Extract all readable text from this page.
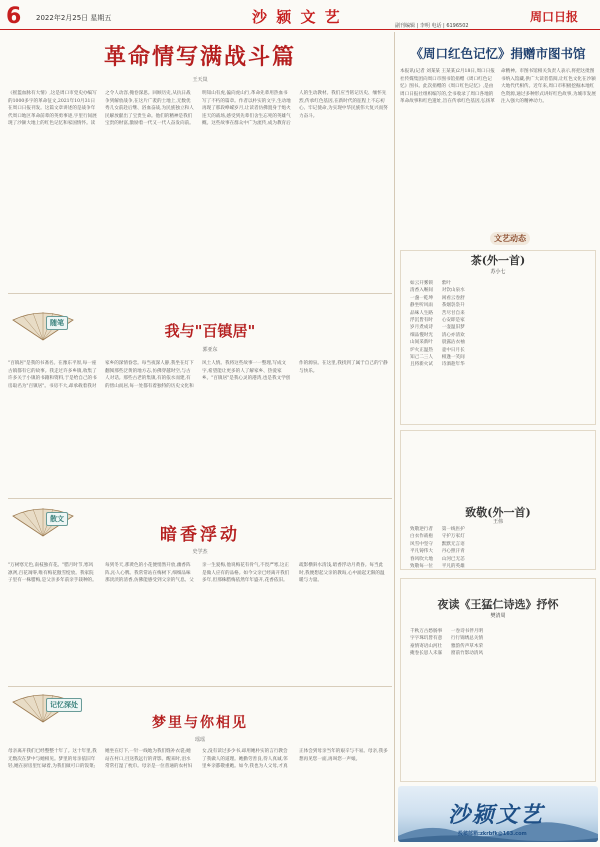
6 2022年2月25日 星期五	沙 颍 文 艺	周口日报
副刊编辑 | 李明 电话 | 6196502
革命情写满战斗篇
王天岚
《摇篮血脉有大情》,这是周口市党史办编写的1000多字的革命征文,2021年10月31日在周口日报刊发。这篇文章讲述的是战争年代周口地区革命前辈的英勇事迹,字里行间展现了沙颍大地上的红色记忆和家国情怀。读之令人动容,掩卷深思。回顾历史,从抗日战争到解放战争,在这片广袤的土地上,无数优秀儿女前赴后继、浴血奋战,为民族独立和人民解放献出了宝贵生命。他们的精神是我们宝贵的财富,激励着一代又一代人奋发向前。明知山有虎,偏向虎山行,革命先辈用热血书写了不朽的篇章。作者以朴实的文字,生动地再现了那段峥嵘岁月,让读者仿佛置身于炮火连天的战场,感受到先辈们舍生忘死的英雄气概。这些故事在群众中广为流传,成为教育后人的生动教材。我们应当铭记历史、缅怀先烈,传承红色基因,在新时代的征程上不忘初心、牢记使命,为实现中华民族伟大复兴而努力奋斗。
随笔	我与"百镇居"
郭亚东
"百镇居"是我的书斋名。在豫东平原,每一座古镇都有它的故事。我走过许多乡镇,收集了许多关于小镇的书籍和资料,于是给自己的书房取名为"百镇居"。书房不大,却承载着我对家乡的深情眷恋。每当夜深人静,我坐在灯下翻阅那些泛黄的地方志,仿佛穿越时空,与古人对话。那些古老的集镇,有的依水而建,有的傍山而居,每一处都有着独特的历史文化和风土人情。我将这些故事一一整理,写成文字,希望能让更多的人了解家乡、热爱家乡。"百镇居"是我心灵的港湾,也是我文学创作的源泉。在这里,我找到了属于自己的宁静与快乐。
散文
暗香浮动
史学杰
"万树寒无色,南枝独有花。"腊月时节,寒风凛冽,百花凋零,唯有梅花傲雪绽放。我家院子里有一株腊梅,是父亲多年前亲手栽种的。每到冬天,那黄色的小花便悄然开放,幽香阵阵,沁人心脾。我常常站在梅树下,细细品味那淡淡的清香,仿佛能感受到父亲的气息。父亲一生爱梅,他说梅花有骨气,不畏严寒,这正是做人应有的品格。如今父亲已经离开我们多年,但那株腊梅依然年年盛开,花香依旧。疏影横斜水清浅,暗香浮动月黄昏。每当此时,我便想起父亲的教诲,心中涌起无限的温暖与力量。
记忆深处
梦里与你相见
瑶瑶
母亲离开我们已经整整十年了。这十年里,我无数次在梦中与她相见。梦里的母亲依旧年轻,她在厨房里忙碌着,为我们做可口的饭菜;她坐在灯下,一针一线地为我们缝补衣裳;她站在村口,目送我远行的背影。醒来时,泪水常常打湿了枕巾。母亲是一位普通的农村妇女,没有读过多少书,却用她朴实的言行教会了我做人的道理。她勤劳善良,待人真诚,邻里乡亲都敬重她。如今,我也为人父母,才真正体会到母亲当年的艰辛与不易。母亲,我多想再见您一面,再叫您一声娘。
《周口红色记忆》捐赠市图书馆
本报讯(记者 刘某某 王某某)2月18日,周口日报社传媒集团向周口市图书馆捐赠《周口红色记忆》图书。此次捐赠的《周口红色记忆》,是由周口日报社组织编写的,全书收录了周口各地的革命故事和红色遗址,旨在传承红色基因,弘扬革命精神。市图书馆相关负责人表示,将把这批图书纳入馆藏,供广大读者借阅,让红色文化在沙颍大地代代相传。近年来,周口市积极挖掘本地红色资源,通过多种形式讲好红色故事,为城市发展注入强大的精神动力。
文艺动态
茶(外一首)
苏小七
如云开雾锁      紫叶
清香入喉间      对饮山泉水
一盏一乾坤      闲看云卷舒
静坐听风雨      茶烟袅袅升
品味人生路      苦尽甘自来
浮沉皆有时      心安即是家
岁月煮成诗      一壶温旧梦
细品慢时光      清心亦清欢
山间采新叶      晨露沾衣袖
炉火正温热      壶中日月长
知己二三人      相逢一笑间
且将新火试      诗酒趁年华
致敬(外一首)
王伟
致敬逆行者      第一线医护
白衣作战袍      守护万家灯
风雪中坚守      默默无言语
平凡铸伟大      丹心照汗青
春风吹大地      山河已无恙
致敬每一位      平凡的英雄
夜读《王猛仁诗选》抒怀
樊清周
千秋万古愁肠事      一卷诗书伴月明
字字珠玑皆有意      行行锦绣总关情
豪情寄语山河壮      雅韵传声草木荣
掩卷长思人未寐      窗前竹影动清风
沙颍文艺
投稿邮箱:zkrbfk@163.com
